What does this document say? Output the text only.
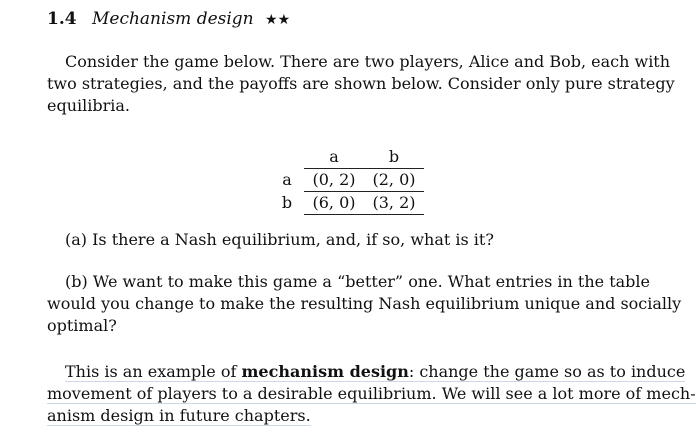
1.4 Mechanism design ★★
Consider the game below. There are two players, Alice and Bob, each with
two strategies, and the payoffs are shown below. Consider only pure strategy
equilibria.
	a	b
a	(0, 2)	(2, 0)
b	(6, 0)	(3, 2)
(a) Is there a Nash equilibrium, and, if so, what is it?
(b) We want to make this game a “better” one. What entries in the table
would you change to make the resulting Nash equilibrium unique and socially
optimal?
This is an example of mechanism design: change the game so as to induce
movement of players to a desirable equilibrium. We will see a lot more of mech-
anism design in future chapters.
